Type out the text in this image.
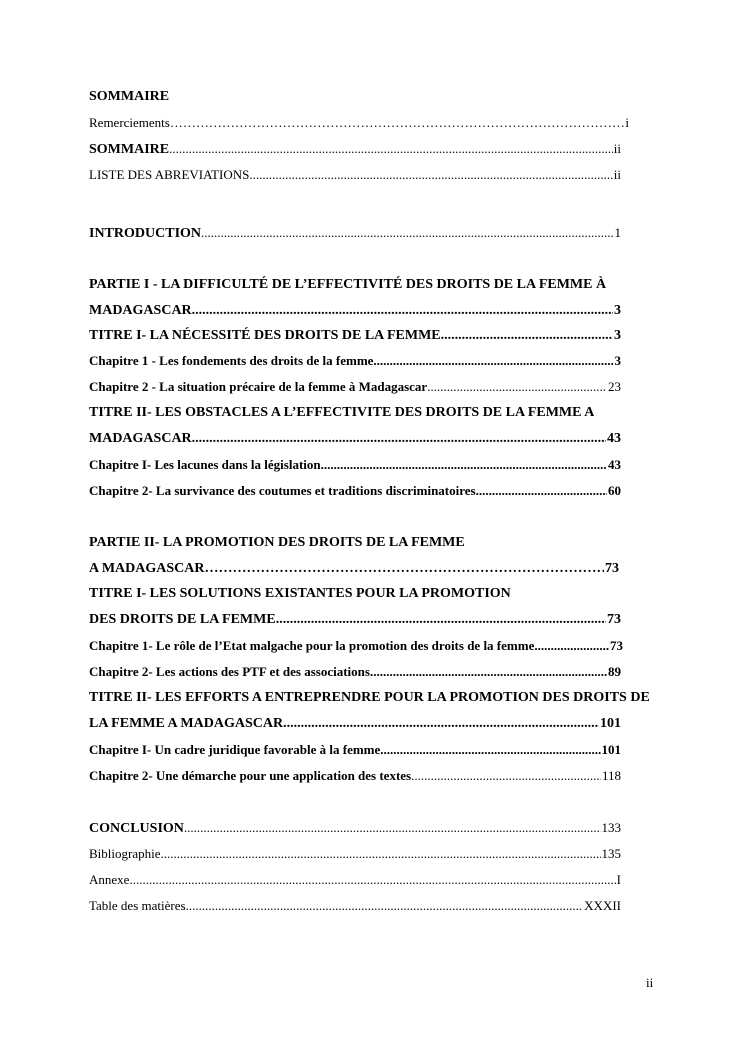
SOMMAIRE
Remerciements …………………………………………………………………………………………………………………………………………………………	i
SOMMAIRE .....	ii
LISTE DES ABREVIATIONS .....	ii
INTRODUCTION .....	1
PARTIE I - LA DIFFICULTÉ DE L’EFFECTIVITÉ DES DROITS DE LA FEMME À
MADAGASCAR .....	3
TITRE I- LA NÉCESSITÉ DES DROITS DE LA FEMME .....	3
Chapitre 1 - Les fondements des droits de la femme .....	3
Chapitre 2 - La situation précaire de la femme à Madagascar .....	23
TITRE II- LES OBSTACLES A L’EFFECTIVITE DES DROITS DE LA FEMME A
MADAGASCAR .....	43
Chapitre I- Les lacunes dans la législation .....	43
Chapitre 2- La survivance des coutumes et traditions discriminatoires .....	60
PARTIE II- LA PROMOTION DES DROITS DE LA FEMME
A MADAGASCAR …………………………………………………………………………………………………………………………………………………………	73
TITRE I- LES SOLUTIONS EXISTANTES POUR LA PROMOTION
DES DROITS DE LA FEMME .....	73
Chapitre 1- Le rôle de l’Etat malgache pour la promotion des droits de la femme .....	73
Chapitre 2- Les actions des PTF et des associations .....	89
TITRE II- LES EFFORTS A ENTREPRENDRE POUR LA PROMOTION DES DROITS DE
LA FEMME A MADAGASCAR .....	101
Chapitre I- Un cadre juridique favorable à la femme .....	101
Chapitre 2- Une démarche pour une application des textes .....	118
CONCLUSION .....	133
Bibliographie .....	135
Annexe .....	I
Table des matières .....	XXXII
ii
